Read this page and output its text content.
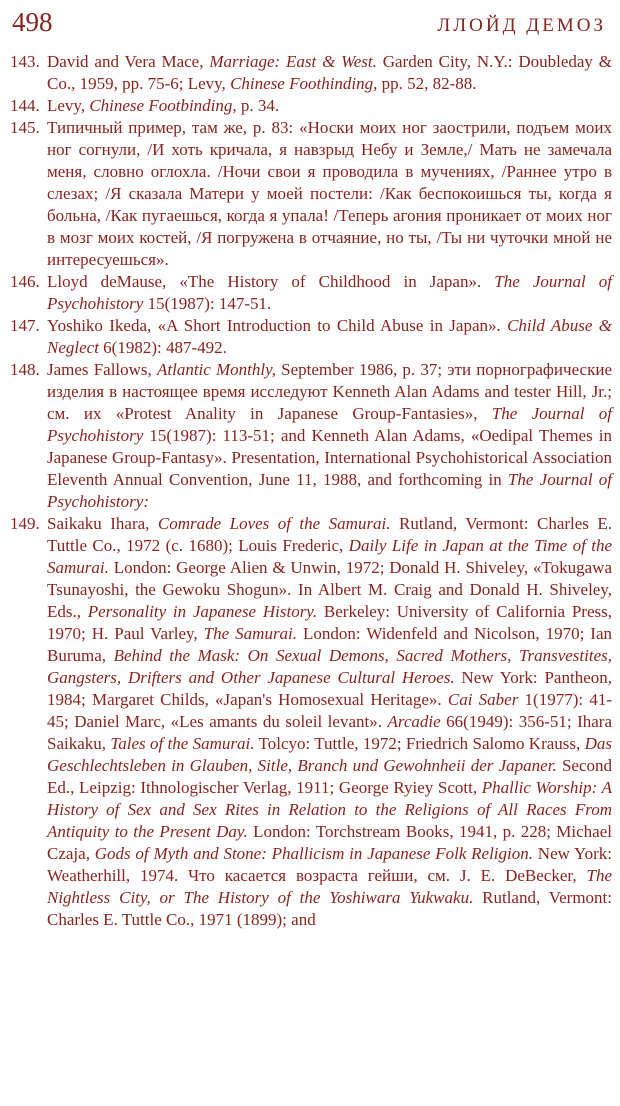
498	ЛЛОЙД ДЕМОЗ
143. David and Vera Mace, Marriage: East & West. Garden City, N.Y.: Doubleday & Co., 1959, pp. 75-6; Levy, Chinese Foothinding, pp. 52, 82-88.
144. Levy, Chinese Footbinding, p. 34.
145. Типичный пример, там же, р. 83: «Носки моих ног заострили, подъем моих ног согнули, /И хоть кричала, я навзрыд Небу и Земле,/ Мать не замечала меня, словно оглохла. /Ночи свои я проводила в мучениях, /Раннее утро в слезах; /Я сказала Матери у моей постели: /Как беспокоишься ты, когда я больна, /Как пугаешься, когда я упала! /Теперь агония проникает от моих ног в мозг моих костей, /Я погружена в отчаяние, но ты, /Ты ни чуточки мной не интересуешься».
146. Lloyd deMause, «The History of Childhood in Japan». The Journal of Psychohistory 15(1987): 147-51.
147. Yoshiko Ikeda, «A Short Introduction to Child Abuse in Japan». Child Abuse & Neglect 6(1982): 487-492.
148. James Fallows, Atlantic Monthly, September 1986, p. 37; эти порнографические изделия в настоящее время исследуют Kenneth Alan Adams and tester Hill, Jr.; см. их «Protest Anality in Japanese Group-Fantasies», The Journal of Psychohistory 15(1987): 113-51; and Kenneth Alan Adams, «Oedipal Themes in Japanese Group-Fantasy». Presentation, International Psychohistorical Association Eleventh Annual Convention, June 11, 1988, and forthcoming in The Journal of Psychohistory:
149. Saikaku Ihara, Comrade Loves of the Samurai. Rutland, Vermont: Charles E. Tuttle Co., 1972 (c. 1680); Louis Frederic, Daily Life in Japan at the Time of the Samurai. London: George Alien & Unwin, 1972; Donald H. Shiveley, «Tokugawa Tsunayoshi, the Gewoku Shogun». In Albert M. Craig and Donald H. Shiveley, Eds., Personality in Japanese History. Berkeley: University of California Press, 1970; H. Paul Varley, The Samurai. London: Widenfeld and Nicolson, 1970; Ian Buruma, Behind the Mask: On Sexual Demons, Sacred Mothers, Transvestites, Gangsters, Drifters and Other Japanese Cultural Heroes. New York: Pantheon, 1984; Margaret Childs, «Japan's Homosexual Heritage». Cai Saber 1(1977): 41-45; Daniel Marc, «Les amants du soleil levant». Arcadie 66(1949): 356-51; Ihara Saikaku, Tales of the Samurai. Tolcyo: Tuttle, 1972; Friedrich Salomo Krauss, Das Geschlechtsleben in Glauben, Sitle, Branch und Gewohnheii der Japaner. Second Ed., Leipzig: Ithnologischer Verlag, 1911; George Ryiey Scott, Phallic Worship: A History of Sex and Sex Rites in Relation to the Religions of All Races From Antiquity to the Present Day. London: Torchstream Books, 1941, p. 228; Michael Czaja, Gods of Myth and Stone: Phallicism in Japanese Folk Religion. New York: Weatherhill, 1974. Что касается возраста гейши, см. J. E. DeBecker, The Nightless City, or The History of the Yoshiwara Yukwaku. Rutland, Vermont: Charles E. Tuttle Co., 1971 (1899); and
